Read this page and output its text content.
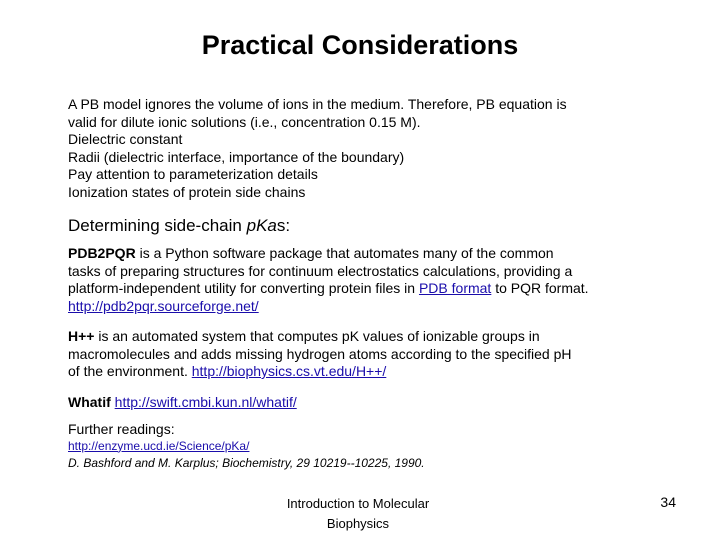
Practical Considerations
A PB model ignores the volume of ions in the medium. Therefore, PB equation is
valid for dilute ionic solutions (i.e., concentration 0.15 M).
Dielectric constant
Radii (dielectric interface, importance of the boundary)
Pay attention to parameterization details
Ionization states of protein side chains
Determining side-chain pKas:
PDB2PQR is a Python software package that automates many of the common
tasks of preparing structures for continuum electrostatics calculations, providing a
platform-independent utility for converting protein files in PDB format to PQR format.
http://pdb2pqr.sourceforge.net/
H++ is an automated system that computes pK values of ionizable groups in
macromolecules and adds missing hydrogen atoms according to the specified pH
of the environment. http://biophysics.cs.vt.edu/H++/
Whatif http://swift.cmbi.kun.nl/whatif/
Further readings:
http://enzyme.ucd.ie/Science/pKa/
D. Bashford and M. Karplus; Biochemistry, 29 10219--10225, 1990.
Introduction to Molecular
Biophysics
34
